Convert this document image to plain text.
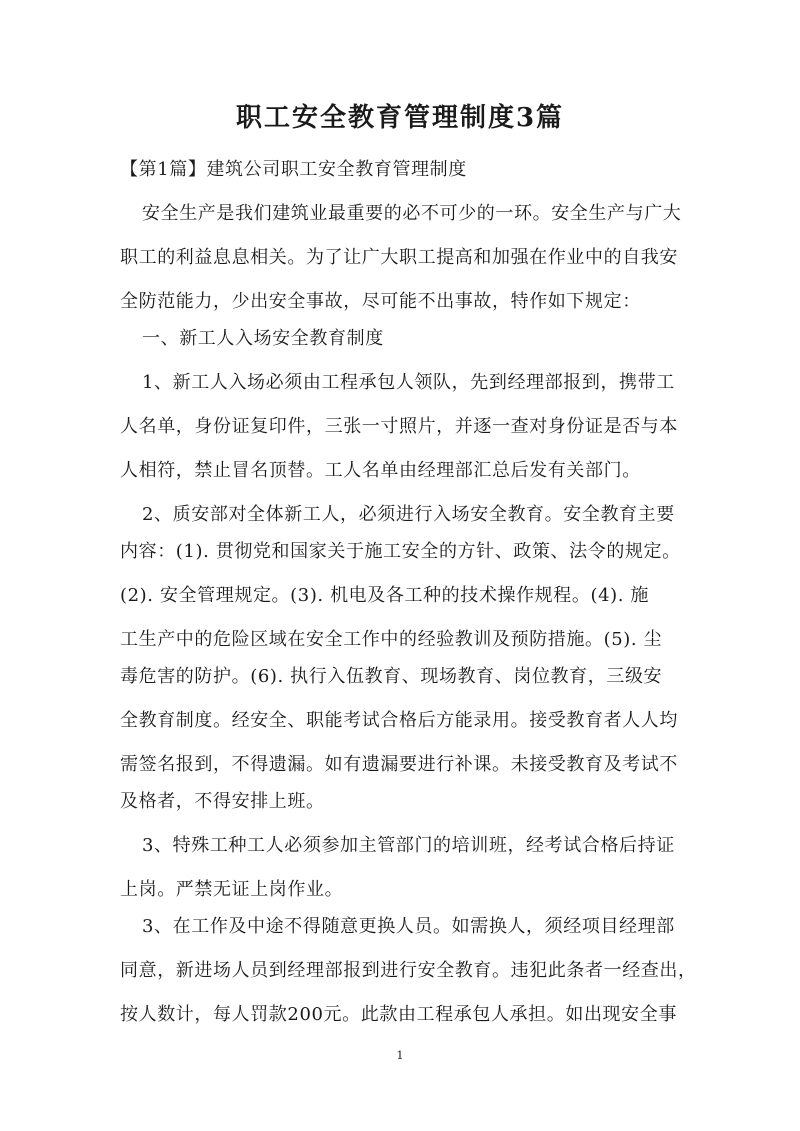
职工安全教育管理制度3篇
【第1篇】建筑公司职工安全教育管理制度
安全生产是我们建筑业最重要的必不可少的一环。安全生产与广大
职工的利益息息相关。为了让广大职工提高和加强在作业中的自我安
全防范能力，少出安全事故，尽可能不出事故，特作如下规定：
一、新工人入场安全教育制度
1、新工人入场必须由工程承包人领队，先到经理部报到，携带工
人名单，身份证复印件，三张一寸照片，并逐一查对身份证是否与本
人相符，禁止冒名顶替。工人名单由经理部汇总后发有关部门。
2、质安部对全体新工人，必须进行入场安全教育。安全教育主要
内容：(1). 贯彻党和国家关于施工安全的方针、政策、法令的规定。
(2). 安全管理规定。(3). 机电及各工种的技术操作规程。(4). 施
工生产中的危险区域在安全工作中的经验教训及预防措施。(5). 尘
毒危害的防护。(6). 执行入伍教育、现场教育、岗位教育，三级安
全教育制度。经安全、职能考试合格后方能录用。接受教育者人人均
需签名报到，不得遗漏。如有遗漏要进行补课。未接受教育及考试不
及格者，不得安排上班。
3、特殊工种工人必须参加主管部门的培训班，经考试合格后持证
上岗。严禁无证上岗作业。
3、在工作及中途不得随意更换人员。如需换人，须经项目经理部
同意，新进场人员到经理部报到进行安全教育。违犯此条者一经查出，
按人数计，每人罚款200元。此款由工程承包人承担。如出现安全事
1
